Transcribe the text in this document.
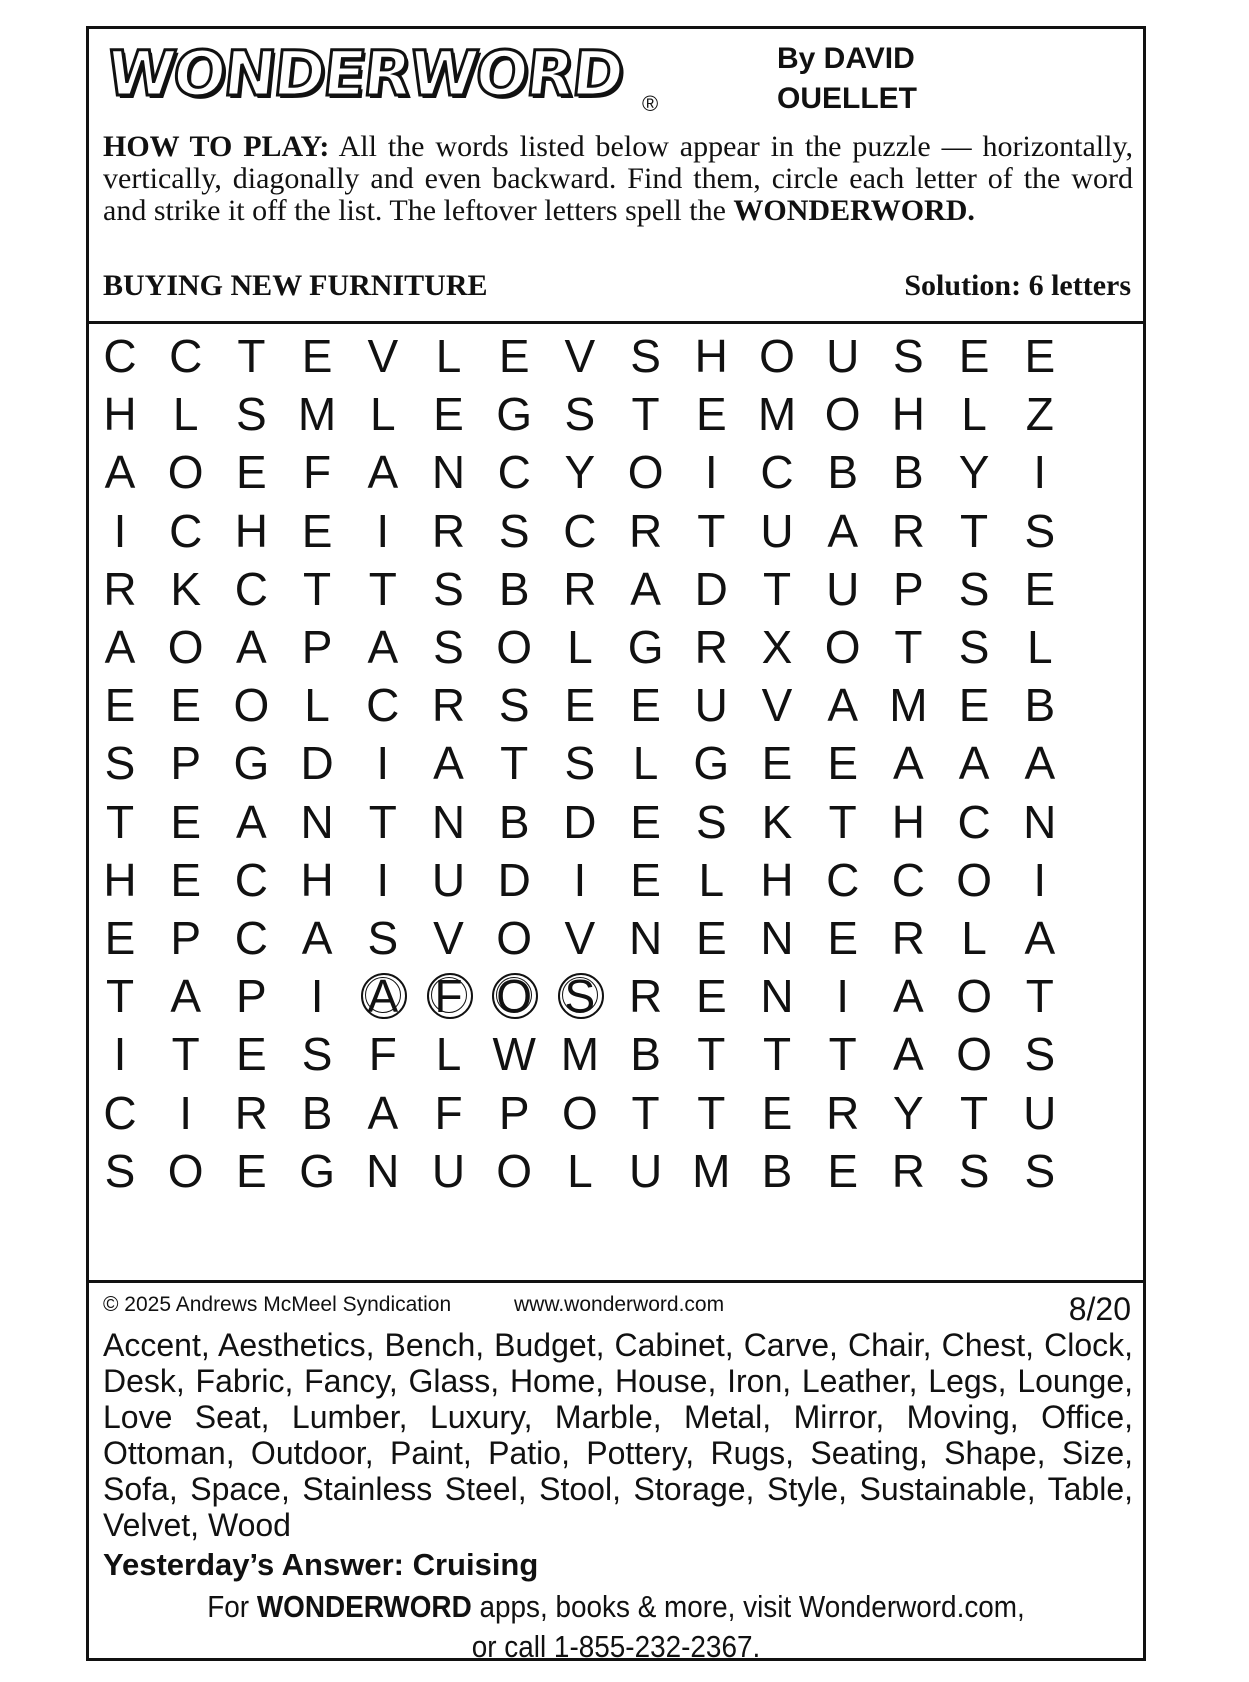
WONDERWORD ®
By DAVID
OUELLET
HOW TO PLAY: All the words listed below appear in the puzzle — horizontally, vertically, diagonally and even backward. Find them, circle each letter of the word and strike it off the list. The leftover letters spell the WONDERWORD.
BUYING NEW FURNITURE	Solution: 6 letters
C C T E V L E V S H O U S E E
H L S M L E G S T E M O H L Z
A O E F A N C Y O I C B B Y I
I C H E I R S C R T U A R T S
R K C T T S B R A D T U P S E
A O A P A S O L G R X O T S L
E E O L C R S E E U V A M E B
S P G D I A T S L G E E A A A
T E A N T N B D E S K T H C N
H E C H I U D I E L H C C O I
E P C A S V O V N E N E R L A
T A P I A F O S R E N I A O T
I T E S F L W M B T T T A O S
C I R B A F P O T T E R Y T U
S O E G N U O L U M B E R S S
© 2025 Andrews McMeel Syndication	www.wonderword.com	8/20
Accent, Aesthetics, Bench, Budget, Cabinet, Carve, Chair, Chest, Clock, Desk, Fabric, Fancy, Glass, Home, House, Iron, Leather, Legs, Lounge, Love Seat, Lumber, Luxury, Marble, Metal, Mirror, Moving, Office, Ottoman, Outdoor, Paint, Patio, Pottery, Rugs, Seating, Shape, Size, Sofa, Space, Stainless Steel, Stool, Storage, Style, Sustainable, Table, Velvet, Wood
Yesterday’s Answer: Cruising
For WONDERWORD apps, books & more, visit Wonderword.com,
or call 1-855-232-2367.
